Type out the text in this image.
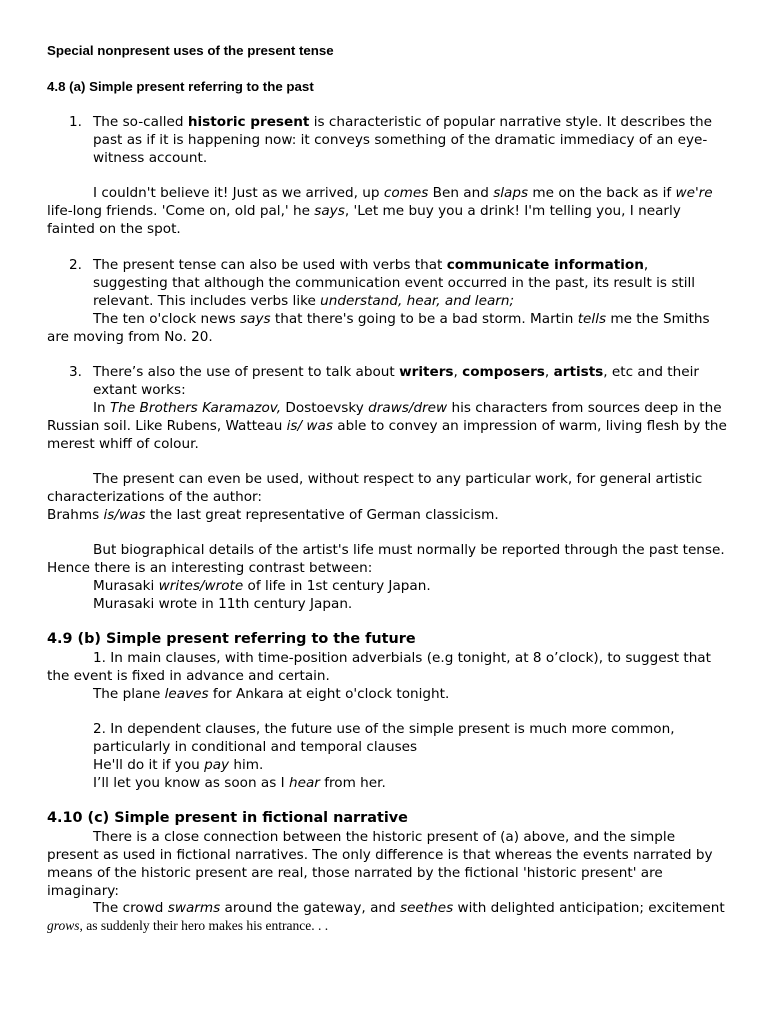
Special nonpresent uses of the present tense
4.8 (a) Simple present referring to the past
1. The so-called historic present is characteristic of popular narrative style. It describes the past as if it is happening now: it conveys something of the dramatic immediacy of an eye-witness account.
I couldn't believe it! Just as we arrived, up comes Ben and slaps me on the back as if we're life-long friends. 'Come on, old pal,' he says, 'Let me buy you a drink! I'm telling you, I nearly fainted on the spot.
2. The present tense can also be used with verbs that communicate information, suggesting that although the communication event occurred in the past, its result is still relevant. This includes verbs like understand, hear, and learn;
The ten o'clock news says that there's going to be a bad storm. Martin tells me the Smiths are moving from No. 20.
3. There’s also the use of present to talk about writers, composers, artists, etc and their extant works:
In The Brothers Karamazov, Dostoevsky draws/drew his characters from sources deep in the Russian soil. Like Rubens, Watteau is/ was able to convey an impression of warm, living flesh by the merest whiff of colour.
The present can even be used, without respect to any particular work, for general artistic characterizations of the author:
Brahms is/was the last great representative of German classicism.
But biographical details of the artist's life must normally be reported through the past tense. Hence there is an interesting contrast between:
Murasaki writes/wrote of life in 1st century Japan.
Murasaki wrote in 11th century Japan.
4.9 (b) Simple present referring to the future
1. In main clauses, with time-position adverbials (e.g tonight, at 8 o’clock), to suggest that the event is fixed in advance and certain.
The plane leaves for Ankara at eight o'clock tonight.
2. In dependent clauses, the future use of the simple present is much more common, particularly in conditional and temporal clauses
He'll do it if you pay him.
I’ll let you know as soon as I hear from her.
4.10 (c) Simple present in fictional narrative
There is a close connection between the historic present of (a) above, and the simple present as used in fictional narratives. The only difference is that whereas the events narrated by means of the historic present are real, those narrated by the fictional 'historic present' are imaginary:
The crowd swarms around the gateway, and seethes with delighted anticipation; excitement grows, as suddenly their hero makes his entrance. . .
